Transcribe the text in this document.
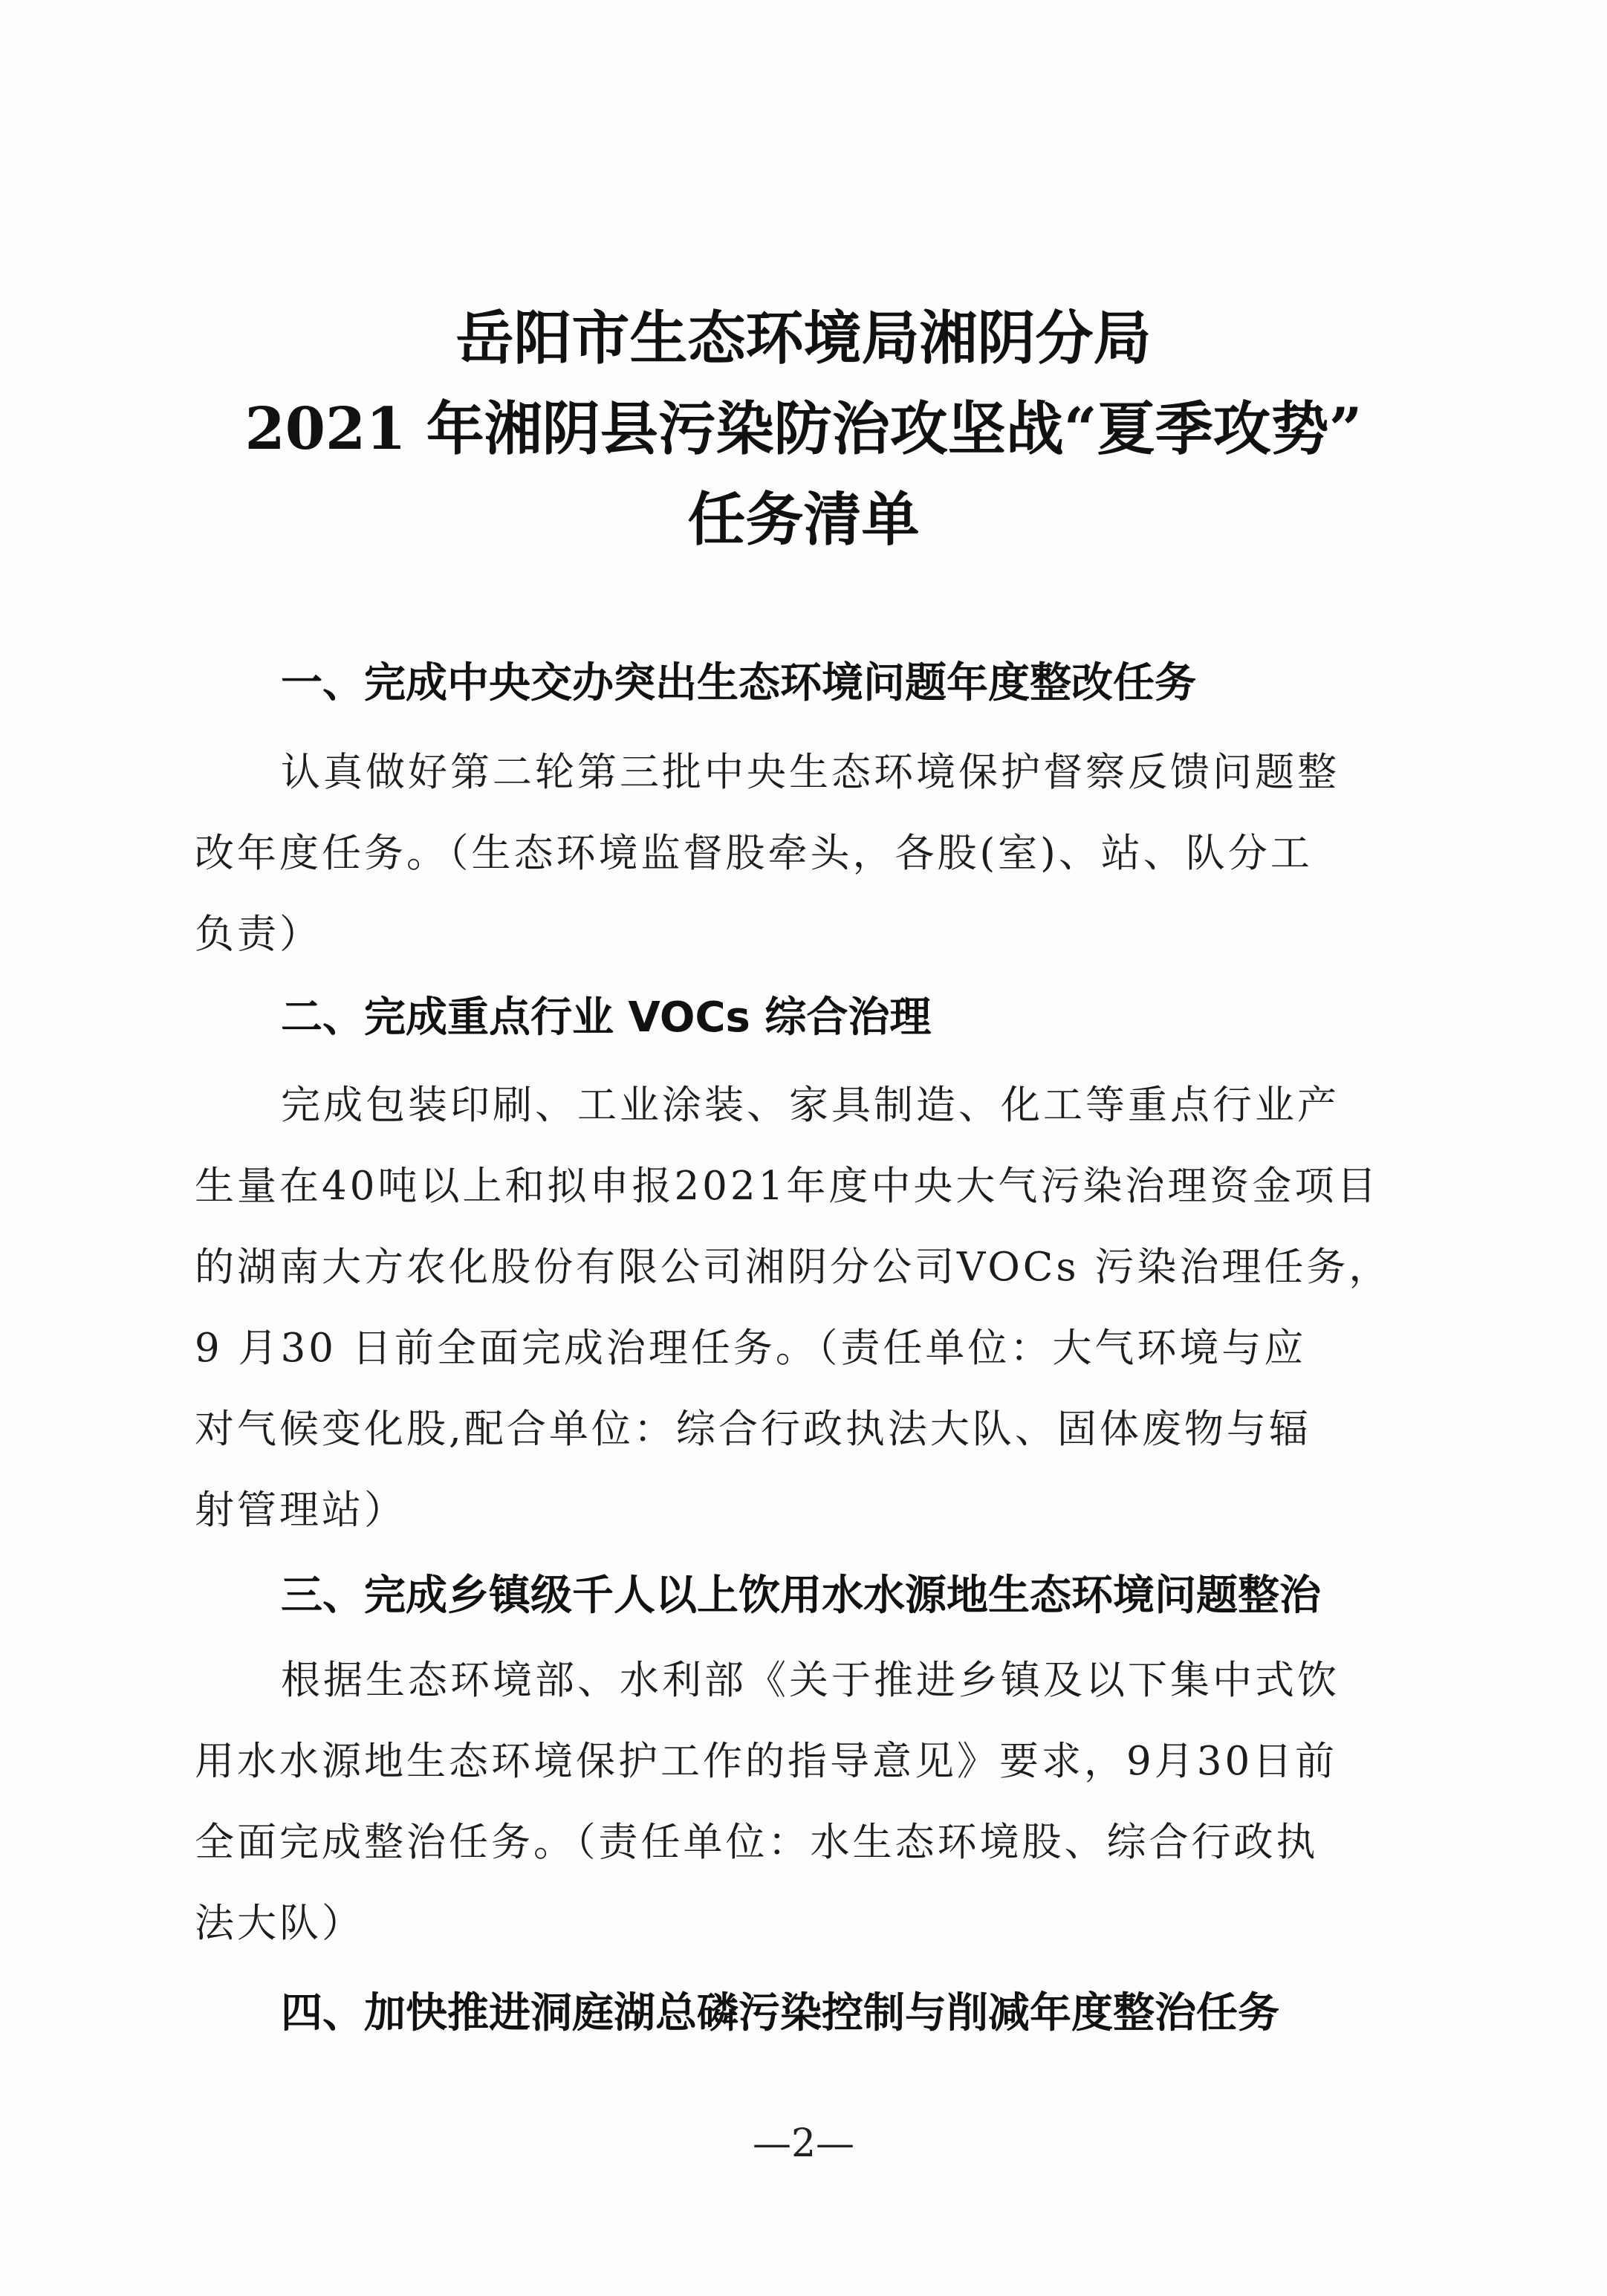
岳阳市生态环境局湘阴分局
2021 年湘阴县污染防治攻坚战“夏季攻势”
任务清单
一、完成中央交办突出生态环境问题年度整改任务
认真做好第二轮第三批中央生态环境保护督察反馈问题整
改年度任务。（生态环境监督股牵头，各股(室)、站、队分工
负责）
二、完成重点行业 VOCs 综合治理
完成包装印刷、工业涂装、家具制造、化工等重点行业产
生量在40吨以上和拟申报2021年度中央大气污染治理资金项目
的湖南大方农化股份有限公司湘阴分公司VOCs 污染治理任务，
9 月30 日前全面完成治理任务。（责任单位：大气环境与应
对气候变化股,配合单位：综合行政执法大队、固体废物与辐
射管理站）
三、完成乡镇级千人以上饮用水水源地生态环境问题整治
根据生态环境部、水利部《关于推进乡镇及以下集中式饮
用水水源地生态环境保护工作的指导意见》要求，9月30日前
全面完成整治任务。（责任单位：水生态环境股、综合行政执
法大队）
四、加快推进洞庭湖总磷污染控制与削减年度整治任务
—2—
